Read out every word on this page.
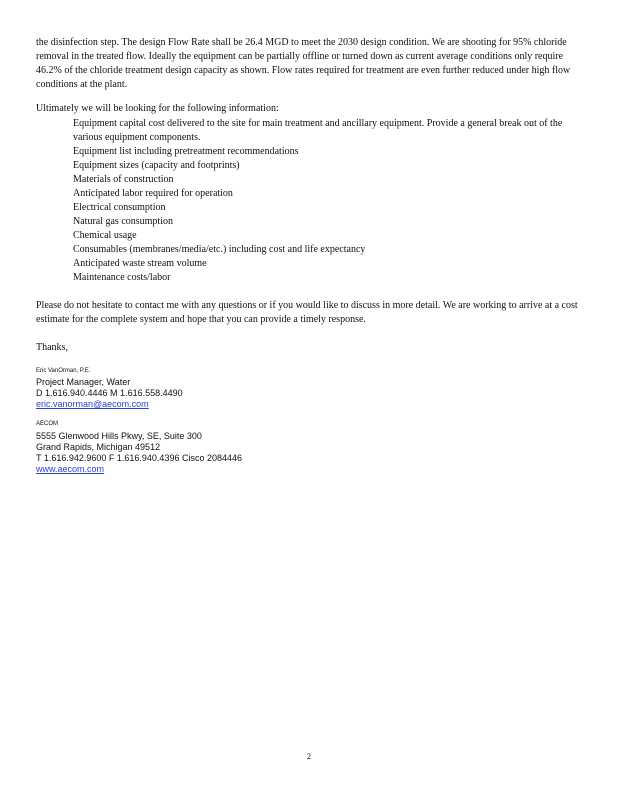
the disinfection step. The design Flow Rate shall be 26.4 MGD to meet the 2030 design condition. We are shooting for 95% chloride removal in the treated flow. Ideally the equipment can be partially offline or turned down as current average conditions only require 46.2% of the chloride treatment design capacity as shown. Flow rates required for treatment are even further reduced under high flow conditions at the plant.

Ultimately we will be looking for the following information:

Equipment capital cost delivered to the site for main treatment and ancillary equipment. Provide a general break out of the various equipment components.
Equipment list including pretreatment recommendations
Equipment sizes (capacity and footprints)
Materials of construction
Anticipated labor required for operation
Electrical consumption
Natural gas consumption
Chemical usage
Consumables (membranes/media/etc.) including cost and life expectancy
Anticipated waste stream volume
Maintenance costs/labor

Please do not hesitate to contact me with any questions or if you would like to discuss in more detail. We are working to arrive at a cost estimate for the complete system and hope that you can provide a timely response.

Thanks,

Eric VanOrman, P.E.
Project Manager, Water
D 1.616.940.4446 M 1.616.558.4490
eric.vanorman@aecom.com
AECOM
5555 Glenwood Hills Pkwy, SE, Suite 300
Grand Rapids, Michigan 49512
T 1.616.942.9600 F 1.616.940.4396 Cisco 2084446
www.aecom.com
2
